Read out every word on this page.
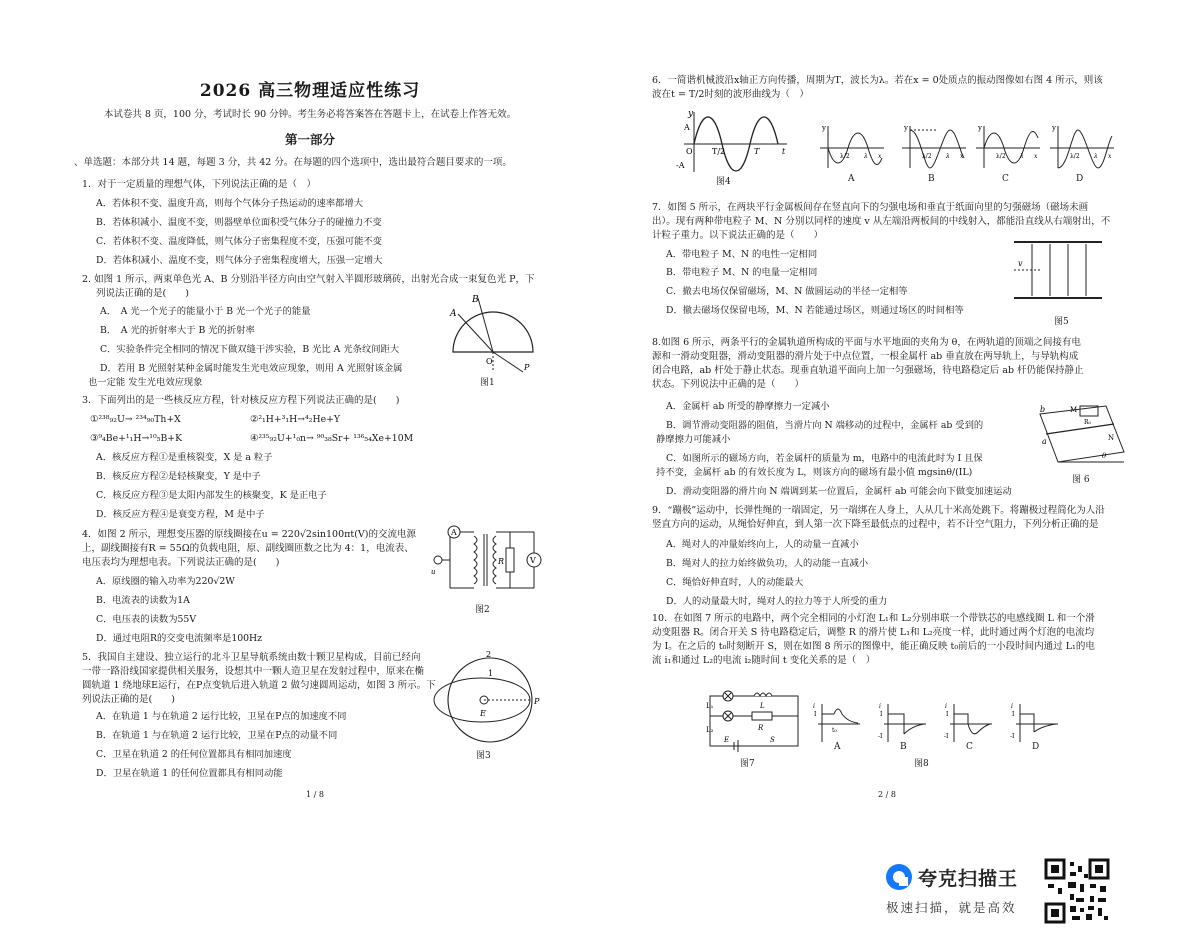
2026 高三物理适应性练习
本试卷共 8 页，100 分，考试时长 90 分钟。考生务必将答案答在答题卡上，在试卷上作答无效。
第一部分
、单选题：本部分共 14 题，每题 3 分，共 42 分。在每题的四个选项中，选出最符合题目要求的一项。
1．对于一定质量的理想气体，下列说法正确的是（　）
A．若体积不变、温度升高，则每个气体分子热运动的速率都增大
B．若体积减小、温度不变，则器壁单位面积受气体分子的碰撞力不变
C．若体积不变、温度降低，则气体分子密集程度不变，压强可能不变
D．若体积减小、温度不变，则气体分子密集程度增大，压强一定增大
2. 如图 1 所示，两束单色光 A、B 分别沿半径方向由空气射入半圆形玻璃砖，出射光合成一束复色光 P，下
列说法正确的是(　　)
A．　A 光一个光子的能量小于 B 光一个光子的能量
B．　A 光的折射率大于 B 光的折射率
C．实验条件完全相同的情况下做双缝干涉实验，B 光比 A 光条纹间距大
D．若用 B 光照射某种金属时能发生光电效应现象，则用 A 光照射该金属
也一定能 发生光电效应现象
B
A
O
P
图1
3．下面列出的是一些核反应方程，针对核反应方程下列说法正确的是(　　)
①²³⁸₉₂U→ ²³⁴₉₀Th+X	②²₁H+³₁H→⁴₂He+Y
③⁹₄Be+¹₁H→¹⁰₅B+K	④²³⁵₉₂U+¹₀n→ ⁹⁰₃₈Sr+ ¹³⁶₅₄Xe+10M
A．核反应方程①是重核裂变，X 是 a 粒子
B．核反应方程②是轻核聚变，Y 是中子
C．核反应方程③是太阳内部发生的核聚变，K 是正电子
D．核反应方程④是衰变方程，M 是中子
4．如图 2 所示，理想变压器的原线圈接在u = 220√2sin100πt(V)的交流电源
上，副线圈接有R = 55Ω的负载电阻，原、副线圈匝数之比为 4：1，电流表、
电压表均为理想电表。下列说法正确的是(　　)
A．原线圈的输入功率为220√2W
B．电流表的读数为1A
C．电压表的读数为55V
D．通过电阻R的交变电流频率是100Hz
A
V
u
R
图2
5．我国自主建设、独立运行的北斗卫星导航系统由数十颗卫星构成，目前已经向
一带一路沿线国家提供相关服务，设想其中一颗人造卫星在发射过程中，原来在椭
圆轨道 1 绕地球E运行，在P点变轨后进入轨道 2 做匀速圆周运动，如图 3 所示。下
列说法正确的是(　　)
A．在轨道 1 与在轨道 2 运行比较，卫星在P点的加速度不同
B．在轨道 1 与在轨道 2 运行比较，卫星在P点的动量不同
C．卫星在轨道 2 的任何位置都具有相同加速度
D．卫星在轨道 1 的任何位置都具有相同动能
2
1
E
P
图3
1 / 8
6．一简谐机械波沿x轴正方向传播，周期为T，波长为λ。若在x = 0处质点的振动图像如右图 4 所示，则该
波在t = T/2时刻的波形曲线为（　）
y
A
O T/2	T	t
-A
图4
y
λ/2 λ x
A
y
λ/2 λ x
B
y
λ/2 λ x
C
y
λ/2 λ x
D
7．如图 5 所示，在两块平行金属板间存在竖直向下的匀强电场和垂直于纸面向里的匀强磁场（磁场未画
出）。现有两种带电粒子 M、N 分别以同样的速度 v 从左端沿两板间的中线射入，都能沿直线从右端射出，不
计粒子重力。以下说法正确的是（　　）
A．带电粒子 M、N 的电性一定相同
B．带电粒子 M、N 的电量一定相同
C．撤去电场仅保留磁场，M、N 做圆运动的半径一定相等
D．撤去磁场仅保留电场，M、N 若能通过场区，则通过场区的时间相等
v
图5
8.如图 6 所示，两条平行的金属轨道所构成的平面与水平地面的夹角为 θ，在两轨道的顶端之间接有电
源和一滑动变阻器，滑动变阻器的滑片处于中点位置，一根金属杆 ab 垂直放在两导轨上，与导轨构成
闭合电路，ab 杆处于静止状态。现垂直轨道平面向上加一匀强磁场，待电路稳定后 ab 杆仍能保持静止
状态。下列说法中正确的是（　　）
A．金属杆 ab 所受的静摩擦力一定减小
B．调节滑动变阻器的阻值，当滑片向 N 端移动的过程中，金属杆 ab 受到的
静摩擦力可能减小
C．如图所示的磁场方向，若金属杆的质量为 m，电路中的电流此时为 I 且保
持不变，金属杆 ab 的有效长度为 L，则该方向的磁场有最小值 mgsinθ/(IL)
D．滑动变阻器的滑片向 N 端调到某一位置后，金属杆 ab 可能会向下做变加速运动
b
a
M
R₀
N
θ
图 6
9．“蹦极”运动中，长弹性绳的一端固定，另一端绑在人身上，人从几十米高处跳下。将蹦极过程简化为人沿
竖直方向的运动，从绳恰好伸直，到人第一次下降至最低点的过程中，若不计空气阻力，下列分析正确的是
A．绳对人的冲量始终向上，人的动量一直减小
B．绳对人的拉力始终做负功，人的动能一直减小
C．绳恰好伸直时，人的动能最大
D．人的动量最大时，绳对人的拉力等于人所受的重力
10．在如图 7 所示的电路中，两个完全相同的小灯泡 L₁和 L₂分别串联一个带铁芯的电感线圈 L 和一个滑
动变阻器 R。闭合开关 S 待电路稳定后，调整 R 的滑片使 L₁和 L₂亮度一样，此时通过两个灯泡的电流均
为 I。在之后的 t₀时刻断开 S，则在如图 8 所示的图像中，能正确反映 t₀前后的一小段时间内通过 L₁的电
流 i₁和通过 L₂的电流 i₂随时间 t 变化关系的是（　）
L₁	L
R
L₂
E	S
图7
i
I
t₀
A
i
I
-I
B
i
I
-I
C
i
I
-I
D
图8
2 / 8
夸克扫描王
极速扫描，就是高效
